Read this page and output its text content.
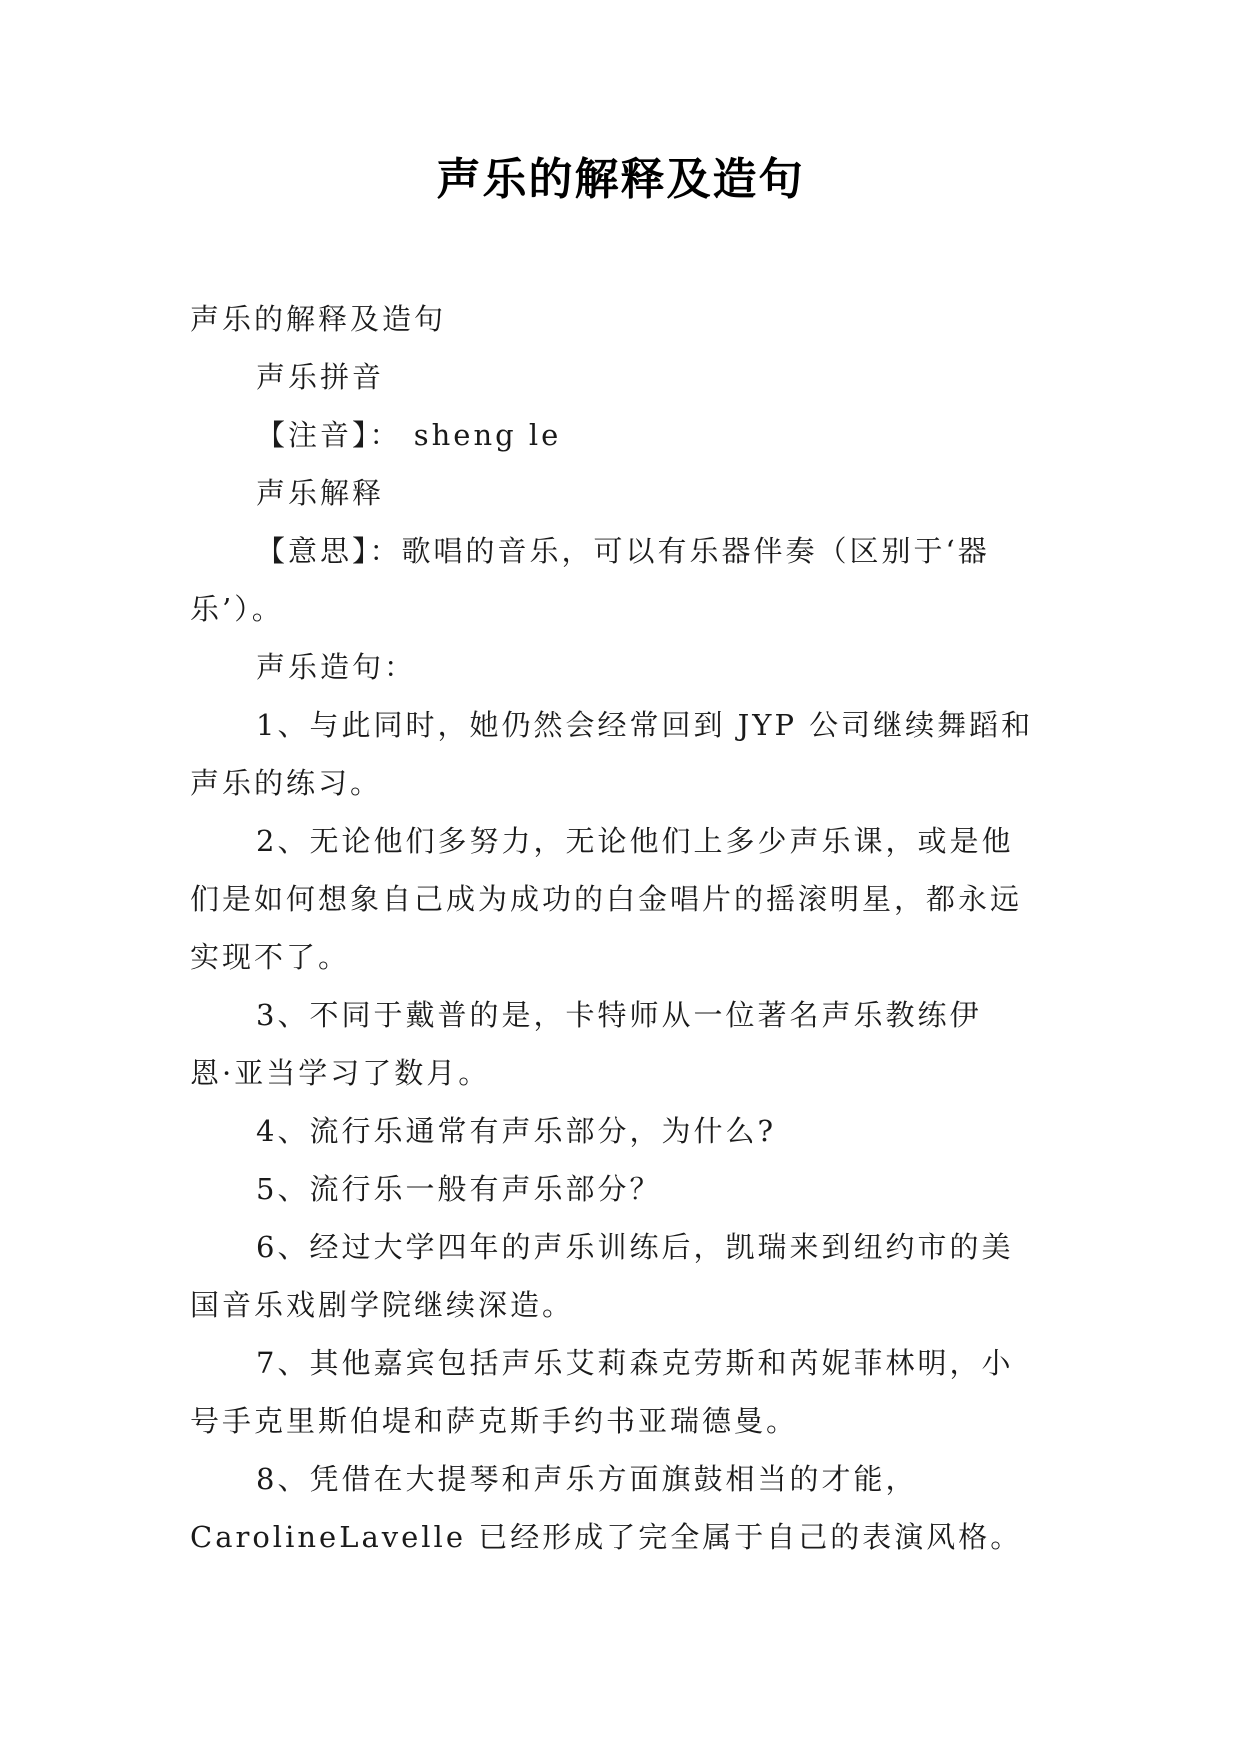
声乐的解释及造句
声乐的解释及造句
声乐拼音
【注音】： sheng le
声乐解释
【意思】：歌唱的音乐，可以有乐器伴奏（区别于‘器
乐’）。
声乐造句：
1、与此同时，她仍然会经常回到 JYP 公司继续舞蹈和
声乐的练习。
2、无论他们多努力，无论他们上多少声乐课，或是他
们是如何想象自己成为成功的白金唱片的摇滚明星，都永远
实现不了。
3、不同于戴普的是，卡特师从一位著名声乐教练伊
恩·亚当学习了数月。
4、流行乐通常有声乐部分，为什么?
5、流行乐一般有声乐部分？
6、经过大学四年的声乐训练后，凯瑞来到纽约市的美
国音乐戏剧学院继续深造。
7、其他嘉宾包括声乐艾莉森克劳斯和芮妮菲林明，小
号手克里斯伯堤和萨克斯手约书亚瑞德曼。
8、凭借在大提琴和声乐方面旗鼓相当的才能，
CarolineLavelle 已经形成了完全属于自己的表演风格。
